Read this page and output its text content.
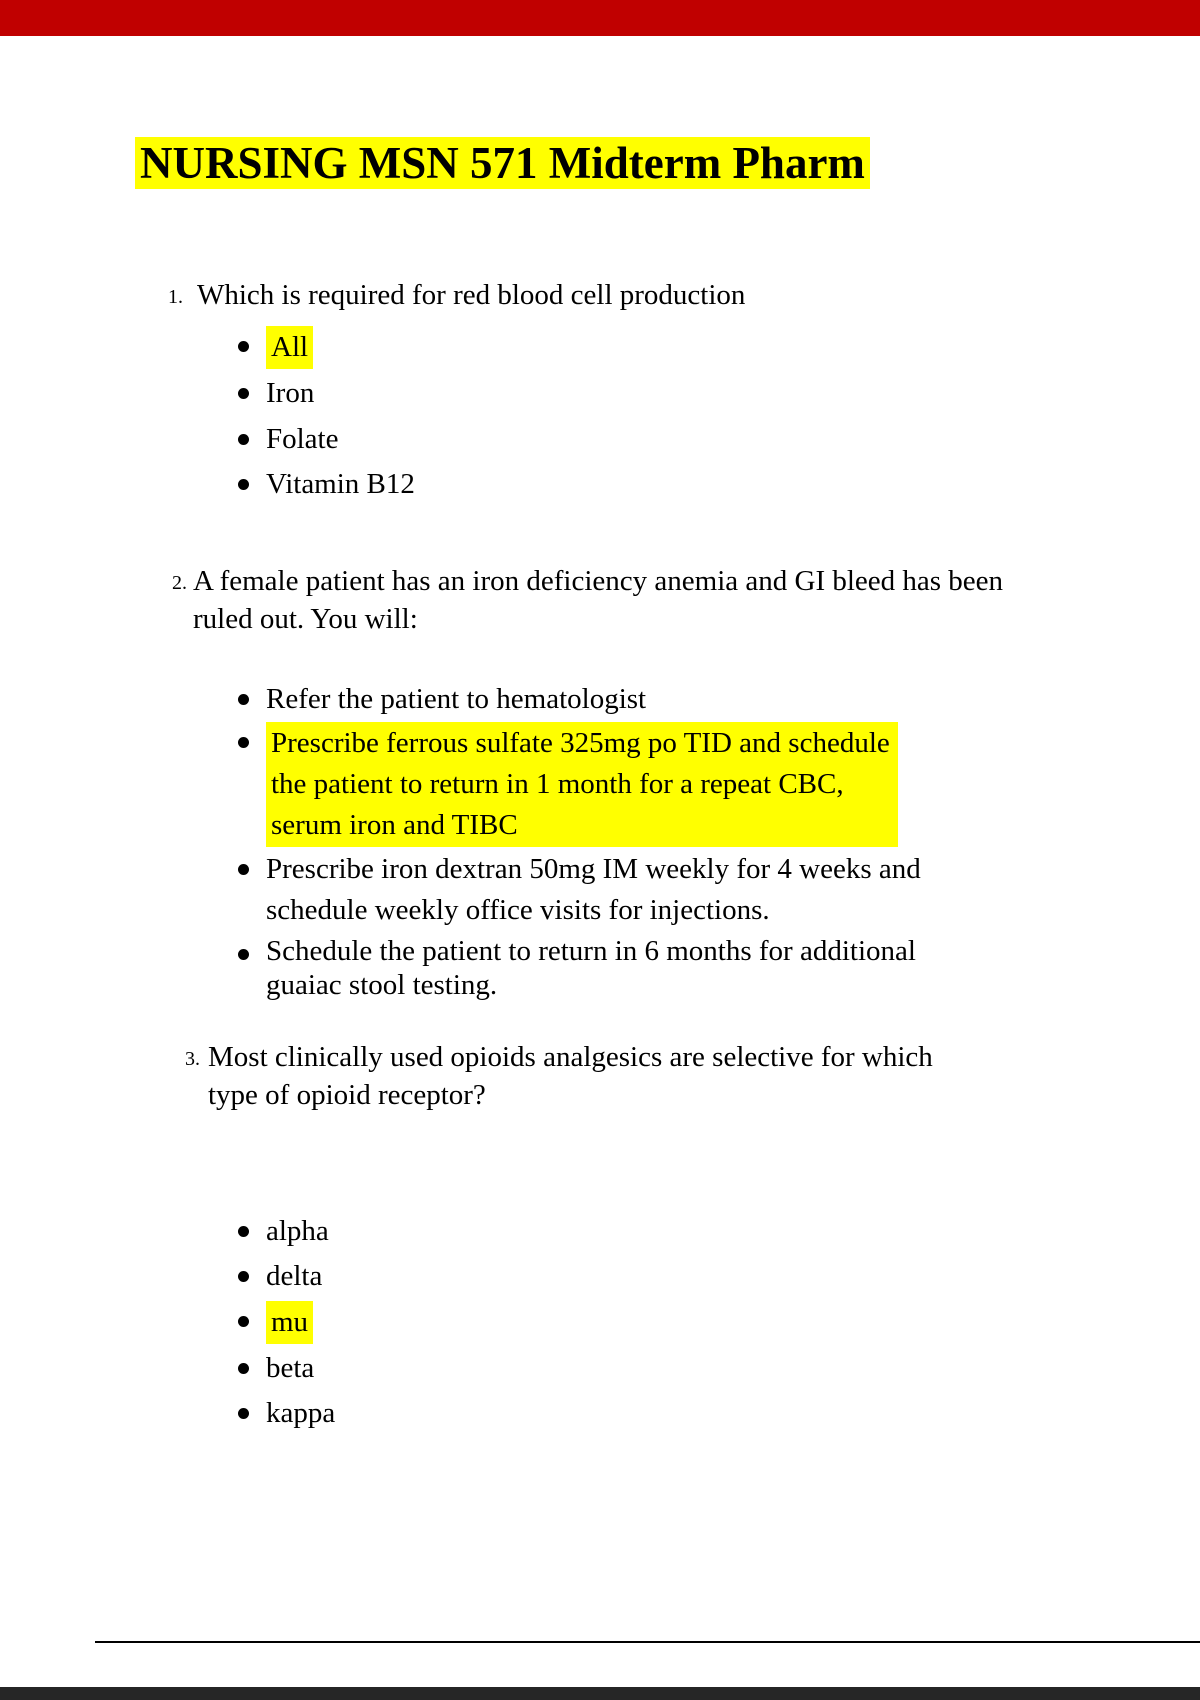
NURSING MSN 571 Midterm Pharm
1. Which is required for red blood cell production
All
Iron
Folate
Vitamin B12
2. A female patient has an iron deficiency anemia and GI bleed has been ruled out. You will:
Refer the patient to hematologist
Prescribe ferrous sulfate 325mg po TID and schedule the patient to return in 1 month for a repeat CBC, serum iron and TIBC
Prescribe iron dextran 50mg IM weekly for 4 weeks and schedule weekly office visits for injections.
Schedule the patient to return in 6 months for additional guaiac stool testing.
3. Most clinically used opioids analgesics are selective for which type of opioid receptor?
alpha
delta
mu
beta
kappa
